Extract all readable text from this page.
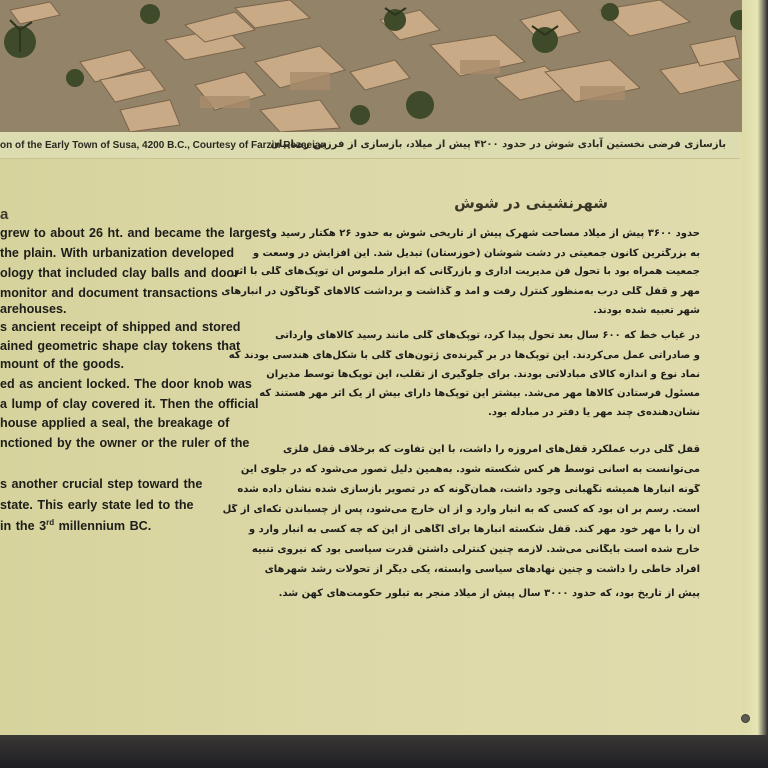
on of the Early Town of Susa, 4200 B.C., Courtesy of Farzin Rezaeian
بازسازی فرضی نخستین آبادی شوش در حدود ۴۲۰۰ پیش از میلاد، بازسازی از فرزین رضاییان
a
grew to about 26 ht. and became the largest
the plain. With urbanization developed
ology that included clay balls and door
monitor and document transactions
arehouses.
s ancient receipt of shipped and stored
ained geometric shape clay tokens that
mount of the goods.
ed as ancient locked. The door knob was
a lump of clay covered it. Then the official
house applied a seal, the breakage of
nctioned by the owner or the ruler of the
s another crucial step toward the
state. This early state led to the
in the 3rd millennium BC.
شهرنشینی در شوش
حدود ۳۶۰۰ پیش از میلاد مساحت شهرک پیش از تاریخی شوش به حدود ۲۶ هکتار رسید و
به بزرگترین کانون جمعیتی در دشت شوشان (خوزستان) تبدیل شد. این افزایش در وسعت و
جمعیت همراه بود با تحول فن مدیریت اداری و بازرگانی که ابزار ملموس آن توپک‌های گلی با اثر
مهر و قفل گلی درب به‌منظور کنترل رفت و آمد و گذاشت و برداشت کالاهای گوناگون در انبارهای
شهر تعبیه شده بودند.
در غیاب خط که ۶۰۰ سال بعد تحول پیدا کرد، توپک‌های گلی مانند رسید کالاهای وارداتی
و صادراتی عمل می‌کردند. این توپک‌ها در بر گیرنده‌ی ژتون‌های گلی با شکل‌های هندسی بودند که
نماد نوع و اندازه کالای مبادلاتی بودند. برای جلوگیری از تقلب، این توپک‌ها توسط مدیران
مسئول فرستادن کالاها مهر می‌شد. بیشتر این توپک‌ها دارای بیش از یک اثر مهر هستند که
نشان‌دهنده‌ی چند مهر یا دفتر در مبادله بود.
قفل گلی درب عملکرد قفل‌های امروزه را داشت، با این تفاوت که برخلاف قفل فلزی
می‌توانست به آسانی توسط هر کس شکسته شود. به‌همین دلیل تصور می‌شود که در جلوی این
گونه انبارها همیشه نگهبانی وجود داشت، همان‌گونه که در تصویر بازسازی شده نشان داده شده
است. رسم بر آن بود که کسی که به انبار وارد و از آن خارج می‌شود، پس از چسباندن تکه‌ای از گل
آن را با مهر خود مهر کند. قفل شکسته انبارها برای آگاهی از این که چه کسی به انبار وارد و
خارج شده است بایگانی می‌شد. لازمه چنین کنترلی داشتن قدرت سیاسی بود که نیروی تنبیه
افراد خاطی را داشت و چنین نهادهای سیاسی وابسته، یکی دیگر از تحولات رشد شهرهای
پیش از تاریخ بود، که حدود ۳۰۰۰ سال پیش از میلاد منجر به تبلور حکومت‌های کهن شد.
